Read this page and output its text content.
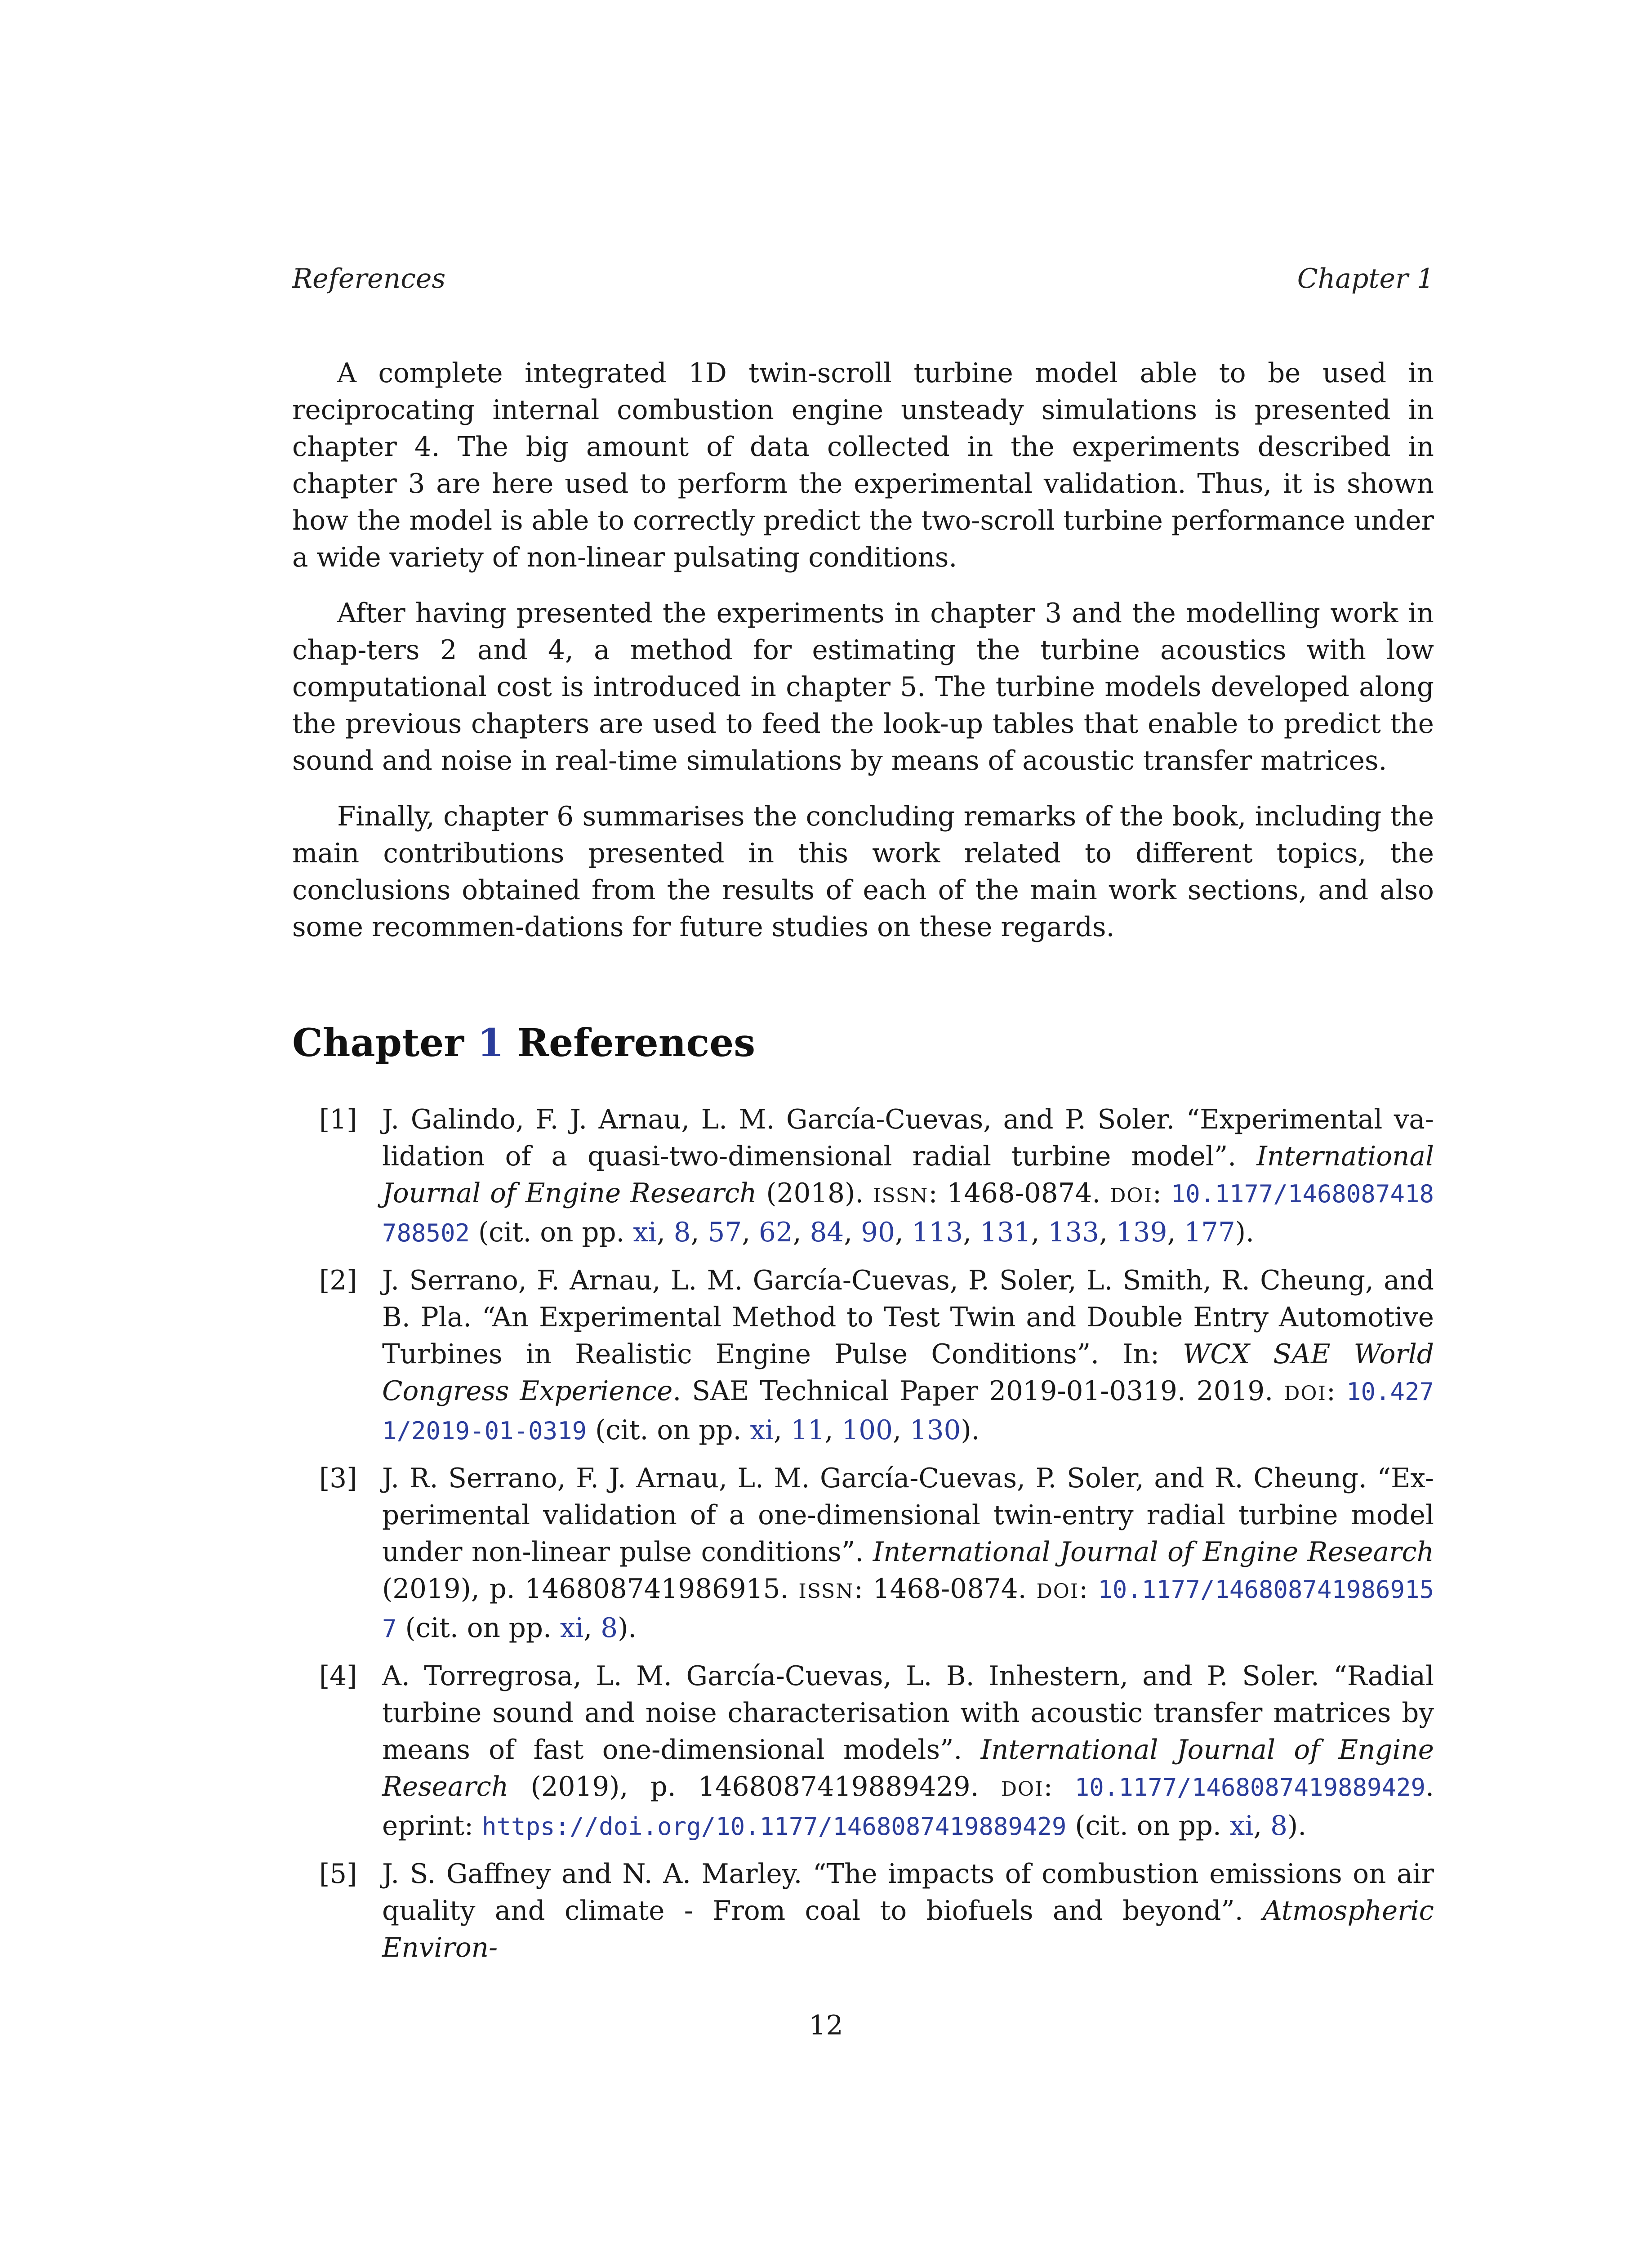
References	Chapter 1

A complete integrated 1D twin-scroll turbine model able to be used in reciprocating internal combustion engine unsteady simulations is presented in chapter 4. The big amount of data collected in the experiments described in chapter 3 are here used to perform the experimental validation. Thus, it is shown how the model is able to correctly predict the two-scroll turbine performance under a wide variety of non-linear pulsating conditions.

After having presented the experiments in chapter 3 and the modelling work in chap-ters 2 and 4, a method for estimating the turbine acoustics with low computational cost is introduced in chapter 5. The turbine models developed along the previous chapters are used to feed the look-up tables that enable to predict the sound and noise in real-time simulations by means of acoustic transfer matrices.

Finally, chapter 6 summarises the concluding remarks of the book, including the main contributions presented in this work related to different topics, the conclusions obtained from the results of each of the main work sections, and also some recommen-dations for future studies on these regards.

Chapter 1 References
[1] J. Galindo, F. J. Arnau, L. M. García-Cuevas, and P. Soler. “Experimental va-lidation of a quasi-two-dimensional radial turbine model”. International Journal of Engine Research (2018). ISSN: 1468-0874. DOI: 10.1177/1468087418788502 (cit. on pp. xi, 8, 57, 62, 84, 90, 113, 131, 133, 139, 177).
[2] J. Serrano, F. Arnau, L. M. García-Cuevas, P. Soler, L. Smith, R. Cheung, and B. Pla. “An Experimental Method to Test Twin and Double Entry Automotive Turbines in Realistic Engine Pulse Conditions”. In: WCX SAE World Congress Experience. SAE Technical Paper 2019-01-0319. 2019. DOI: 10.4271/2019-01-0319 (cit. on pp. xi, 11, 100, 130).
[3] J. R. Serrano, F. J. Arnau, L. M. García-Cuevas, P. Soler, and R. Cheung. “Ex-perimental validation of a one-dimensional twin-entry radial turbine model under non-linear pulse conditions”. International Journal of Engine Research (2019), p. 146808741986915. ISSN: 1468-0874. DOI: 10.1177/1468087419869157 (cit. on pp. xi, 8).
[4] A. Torregrosa, L. M. García-Cuevas, L. B. Inhestern, and P. Soler. “Radial turbine sound and noise characterisation with acoustic transfer matrices by means of fast one-dimensional models”. International Journal of Engine Research (2019), p. 1468087419889429. DOI: 10.1177/1468087419889429. eprint: https://doi.org/10.1177/1468087419889429 (cit. on pp. xi, 8).
[5] J. S. Gaffney and N. A. Marley. “The impacts of combustion emissions on air quality and climate - From coal to biofuels and beyond”. Atmospheric Environ-
12
